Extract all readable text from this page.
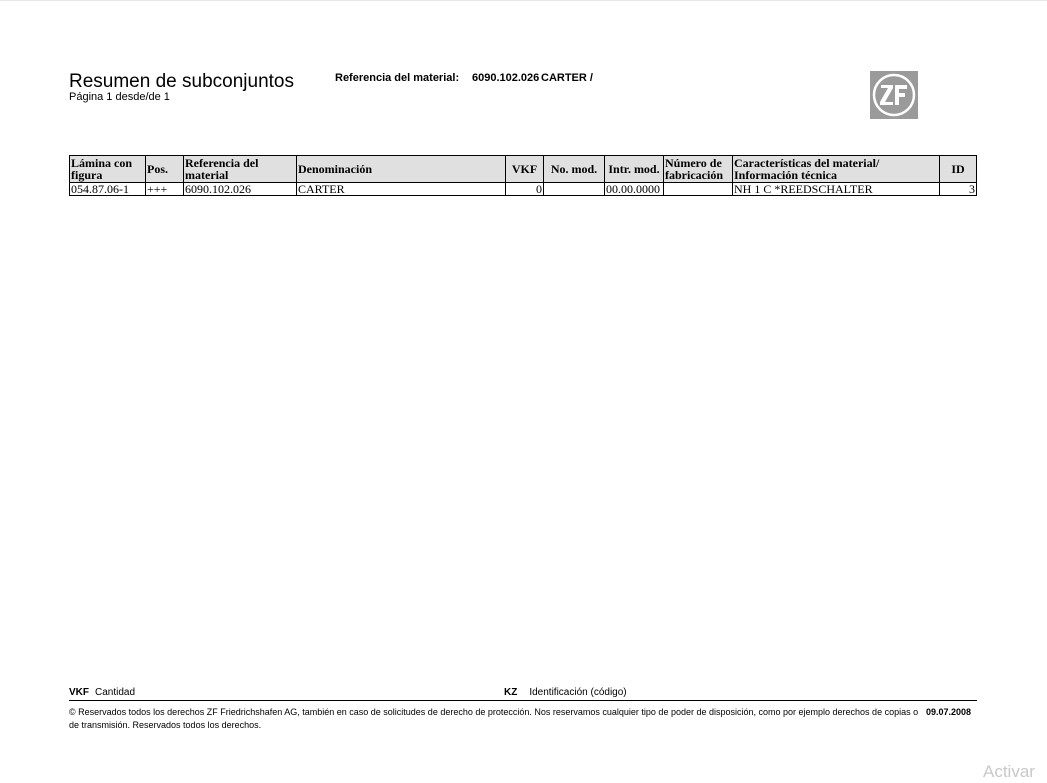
Resumen de subconjuntos
Página 1 desde/de 1
Referencia del material: 6090.102.026 CARTER /
Lámina con figura	Pos.	Referencia del material	Denominación	VKF	No. mod.	Intr. mod.	Número de fabricación	Características del material/ Información técnica	ID
054.87.06-1	+++	6090.102.026	CARTER	0		00.00.0000		NH 1 C *REEDSCHALTER	3
VKF Cantidad	KZ Identificación (código)
© Reservados todos los derechos ZF Friedrichshafen AG, también en caso de solicitudes de derecho de protección. Nos reservamos cualquier tipo de poder de disposición, como por ejemplo derechos de copias o de transmisión. Reservados todos los derechos.
09.07.2008
Activar
